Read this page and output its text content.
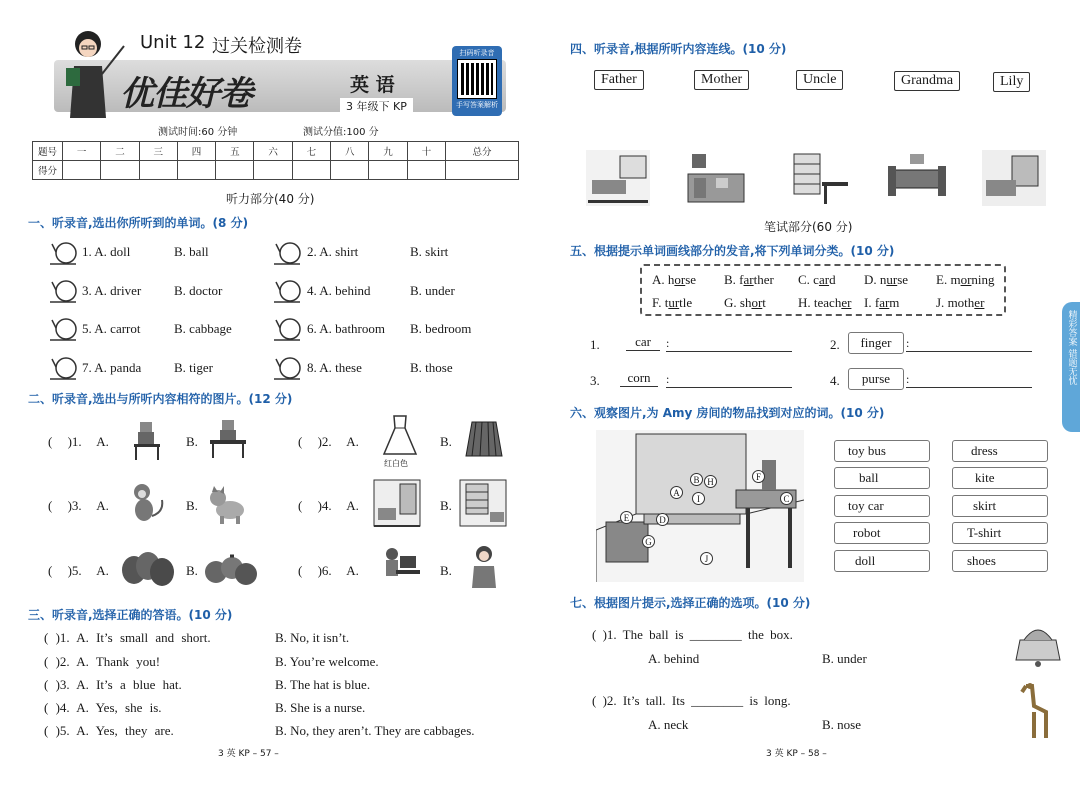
Unit 12 过关检测卷
优佳好卷	英 语
3 年级下 KP
扫码听录音
手写答案解析
测试时间:60 分钟	测试分值:100 分
题号	一	二	三	四	五	六	七	八	九	十	总分
得分											
听力部分(40 分)
一、听录音,选出你所听到的单词。(8 分)
1. A. doll	B. ball	2. A. shirt	B. skirt
3. A. driver	B. doctor	4. A. behind	B. under
5. A. carrot	B. cabbage	6. A. bathroom B. bedroom
7. A. panda	B. tiger	8. A. these	B. those
二、听录音,选出与所听内容相符的图片。(12 分)
( )1. A.	B.	( )2. A.
红白色
B.
( )3. A.	B.	( )4. A.	B.
( )5. A.	B.	( )6. A.	B.
三、听录音,选择正确的答语。(10 分)
( )1. A. It’s small and short.	B. No, it isn’t.
( )2. A. Thank you!	B. You’re welcome.
( )3. A. It’s a blue hat.	B. The hat is blue.
( )4. A. Yes, she is.	B. She is a nurse.
( )5. A. Yes, they are.	B. No, they aren’t. They are cabbages.
3 英 KP – 57 –
四、听录音,根据所听内容连线。(10 分)
Father	Mother	Uncle	Grandma	Lily
笔试部分(60 分)
五、根据提示单词画线部分的发音,将下列单词分类。(10 分)
A. horse B. farther C. card D. nurse E. morning
F. turtle G. short H. teacher I. farm	J. mother
1.	car	:	2.	finger	:
3.	corn	:	4.	purse	:
六、观察图片,为 Amy 房间的物品找到对应的词。(10 分)
A
B
C
D
E
F
G
H
I
J
toy bus
ball
toy car
robot
doll
dress
kite
skirt
T-shirt
shoes
七、根据图片提示,选择正确的选项。(10 分)
( )1. The ball is ________ the box.
A. behind	B. under
( )2. It’s tall. Its ________ is long.
A. neck	B. nose
3 英 KP – 58 –
精彩答案 错题无忧
